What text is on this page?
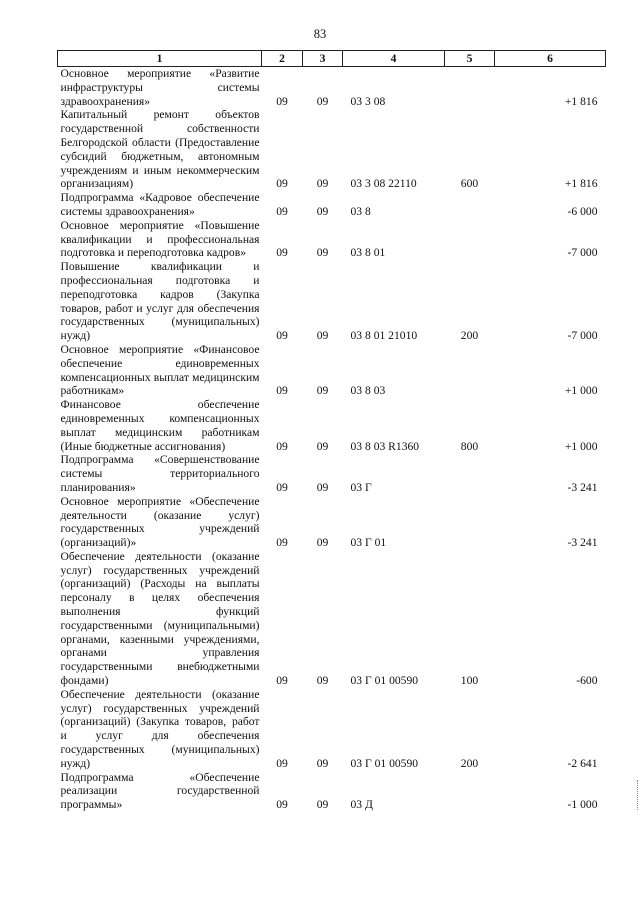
83
1	2	3	4	5	6
Основное мероприятие «Развитие инфраструктуры системы здравоохранения»	09	09	03 3 08		+1 816
Капитальный ремонт объектов государственной собственности Белгородской области (Предоставление субсидий бюджетным, автономным учреждениям и иным некоммерческим организациям)	09	09	03 3 08 22110	600	+1 816
Подпрограмма «Кадровое обеспечение системы здравоохранения»	09	09	03 8		-6 000
Основное мероприятие «Повышение квалификации и профессиональная подготовка и переподготовка кадров»	09	09	03 8 01		-7 000
Повышение квалификации и профессиональная подготовка и переподготовка кадров (Закупка товаров, работ и услуг для обеспечения государственных (муниципальных) нужд)	09	09	03 8 01 21010	200	-7 000
Основное мероприятие «Финансовое обеспечение единовременных компенсационных выплат медицинским работникам»	09	09	03 8 03		+1 000
Финансовое обеспечение единовременных компенсационных выплат медицинским работникам (Иные бюджетные ассигнования)	09	09	03 8 03 R1360	800	+1 000
Подпрограмма «Совершенствование системы территориального планирования»	09	09	03 Г		-3 241
Основное мероприятие «Обеспечение деятельности (оказание услуг) государственных учреждений (организаций)»	09	09	03 Г 01		-3 241
Обеспечение деятельности (оказание услуг) государственных учреждений (организаций) (Расходы на выплаты персоналу в целях обеспечения выполнения функций государственными (муниципальными) органами, казенными учреждениями, органами управления государственными внебюджетными фондами)	09	09	03 Г 01 00590	100	-600
Обеспечение деятельности (оказание услуг) государственных учреждений (организаций) (Закупка товаров, работ и услуг для обеспечения государственных (муниципальных) нужд)	09	09	03 Г 01 00590	200	-2 641
Подпрограмма «Обеспечение реализации государственной программы»	09	09	03 Д		-1 000
